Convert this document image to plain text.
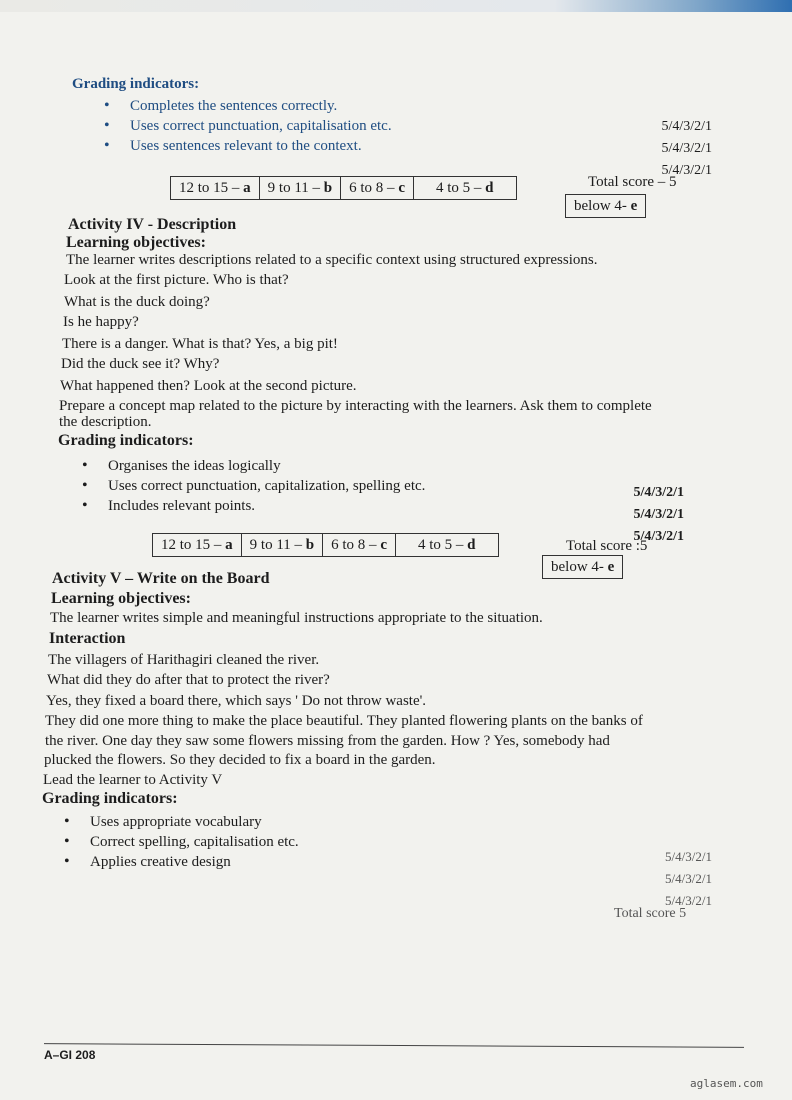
Grading indicators:
• Completes the sentences correctly.
• Uses correct punctuation, capitalisation etc.
• Uses sentences relevant to the context.
5/4/3/2/1
5/4/3/2/1
5/4/3/2/1
Total score – 5
12 to 15 – a	9 to 11 – b	6 to 8 – c	4 to 5 – d
below 4- e
Activity IV - Description
Learning objectives:
The learner writes descriptions related to a specific context using structured expressions.
Look at the first picture. Who is that?
What is the duck doing?
Is he happy?
There is a danger. What is that? Yes, a big pit!
Did the duck see it? Why?
What happened then? Look at the second picture.
Prepare a concept map related to the picture by interacting with the learners. Ask them to complete
the description.
Grading indicators:
• Organises the ideas logically
• Uses correct punctuation, capitalization, spelling etc.
• Includes relevant points.
5/4/3/2/1
5/4/3/2/1
5/4/3/2/1
Total score :5
12 to 15 – a	9 to 11 – b	6 to 8 – c	4 to 5 – d
below 4- e
Activity V – Write on the Board
Learning objectives:
The learner writes simple and meaningful instructions appropriate to the situation.
Interaction
The villagers of Harithagiri cleaned the river.
What did they do after that to protect the river?
Yes, they fixed a board there, which says ' Do not throw waste'.
They did one more thing to make the place beautiful. They planted flowering plants on the banks of
the river. One day they saw some flowers missing from the garden. How ? Yes, somebody had
plucked the flowers. So they decided to fix a board in the garden.
Lead the learner to Activity V
Grading indicators:
• Uses appropriate vocabulary
• Correct spelling, capitalisation etc.
• Applies creative design	5/4/3/2/1
5/4/3/2/1
5/4/3/2/1
Total score 5
A–GI 208
aglasem.com
